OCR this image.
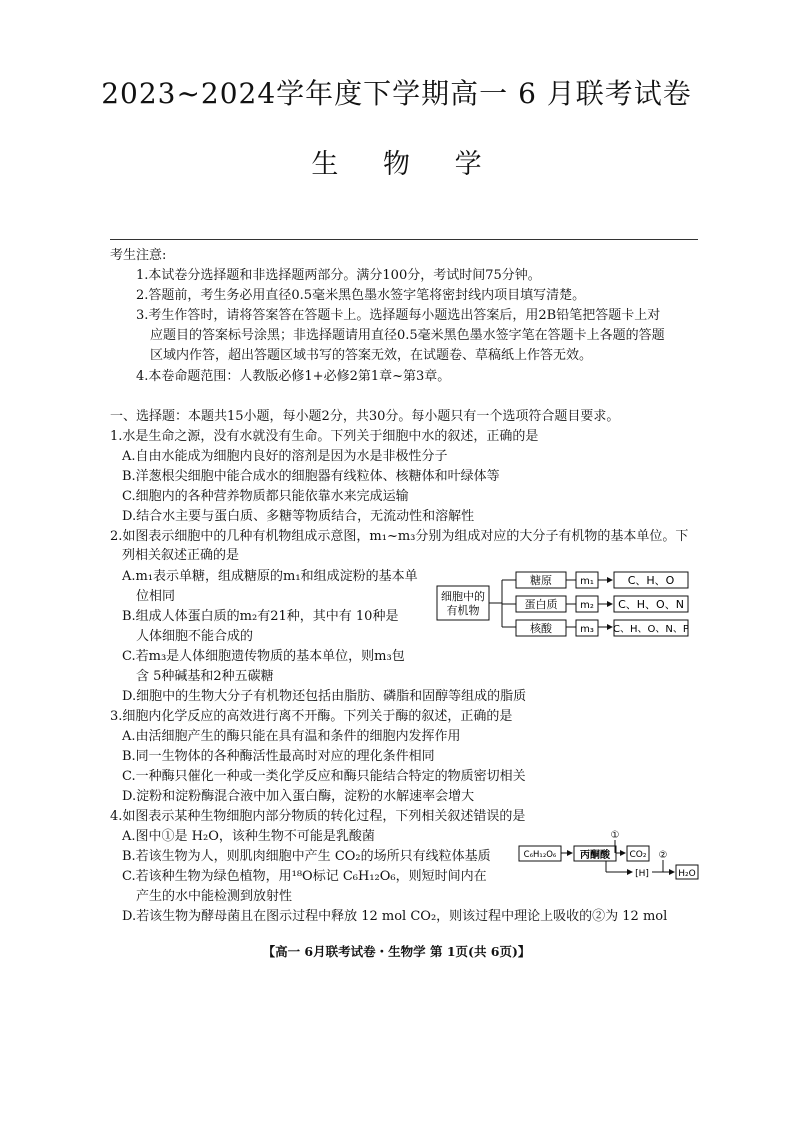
2023~2024学年度下学期高一 6 月联考试卷
生 物 学
考生注意:
1.本试卷分选择题和非选择题两部分。满分100分，考试时间75分钟。
2.答题前，考生务必用直径0.5毫米黑色墨水签字笔将密封线内项目填写清楚。
3.考生作答时，请将答案答在答题卡上。选择题每小题选出答案后，用2B铅笔把答题卡上对
应题目的答案标号涂黑；非选择题请用直径0.5毫米黑色墨水签字笔在答题卡上各题的答题
区域内作答，超出答题区域书写的答案无效，在试题卷、草稿纸上作答无效。
4.本卷命题范围：人教版必修1+必修2第1章~第3章。
一、选择题：本题共15小题，每小题2分，共30分。每小题只有一个选项符合题目要求。
1.水是生命之源，没有水就没有生命。下列关于细胞中水的叙述，正确的是
A.自由水能成为细胞内良好的溶剂是因为水是非极性分子
B.洋葱根尖细胞中能合成水的细胞器有线粒体、核糖体和叶绿体等
C.细胞内的各种营养物质都只能依靠水来完成运输
D.结合水主要与蛋白质、多糖等物质结合，无流动性和溶解性
2.如图表示细胞中的几种有机物组成示意图，m₁~m₃分别为组成对应的大分子有机物的基本单位。下
列相关叙述正确的是
A.m₁表示单糖，组成糖原的m₁和组成淀粉的基本单
位相同
B.组成人体蛋白质的m₂有21种，其中有 10种是
人体细胞不能合成的
C.若m₃是人体细胞遗传物质的基本单位，则m₃包
含 5种碱基和2种五碳糖
D.细胞中的生物大分子有机物还包括由脂肪、磷脂和固醇等组成的脂质
细胞中的
有机物
糖原	m₁	C、H、O
蛋白质 m₂ C、H、O、N
核酸	m₃ C、H、O、N、P
3.细胞内化学反应的高效进行离不开酶。下列关于酶的叙述，正确的是
A.由活细胞产生的酶只能在具有温和条件的细胞内发挥作用
B.同一生物体的各种酶活性最高时对应的理化条件相同
C.一种酶只催化一种或一类化学反应和酶只能结合特定的物质密切相关
D.淀粉和淀粉酶混合液中加入蛋白酶，淀粉的水解速率会增大
4.如图表示某种生物细胞内部分物质的转化过程，下列相关叙述错误的是
A.图中①是 H₂O，该种生物不可能是乳酸菌
B.若该生物为人，则肌肉细胞中产生 CO₂的场所只有线粒体基质
C.若该种生物为绿色植物，用¹⁸O标记 C₆H₁₂O₆，则短时间内在
产生的水中能检测到放射性
D.若该生物为酵母菌且在图示过程中释放 12 mol CO₂，则该过程中理论上吸收的②为 12 mol
C₆H₁₂O₆ 丙酮酸
①
CO₂
[H]
②
H₂O
【高一 6月联考试卷・生物学 第 1页(共 6页)】
